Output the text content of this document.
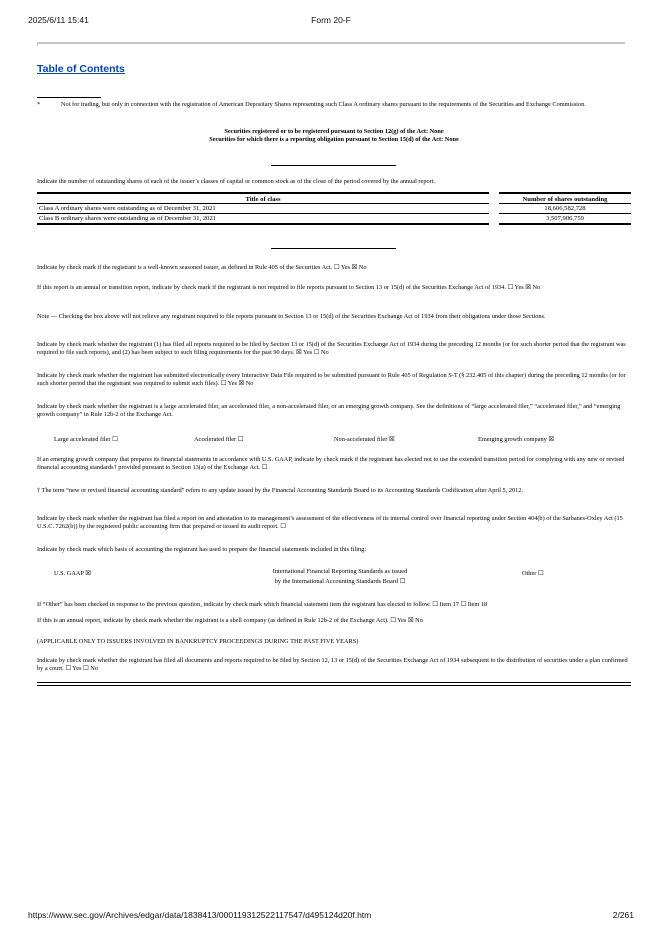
2025/6/11 15:41	Form 20-F
Table of Contents
*	Not for trading, but only in connection with the registration of American Depositary Shares representing such Class A ordinary shares pursuant to the requirements of the Securities and Exchange Commission.
Securities registered or to be registered pursuant to Section 12(g) of the Act: None
Securities for which there is a reporting obligation pursuant to Section 15(d) of the Act: None
Indicate the number of outstanding shares of each of the issuer’s classes of capital or common stock as of the close of the period covered by the annual report.
Title of class		Number of shares outstanding
Class A ordinary shares were outstanding as of December 31, 2021		18,606,582,728
Class B ordinary shares were outstanding as of December 31, 2021		3,507,906,759
Indicate by check mark if the registrant is a well-known seasoned issuer, as defined in Rule 405 of the Securities Act. ☐ Yes ☒ No
If this report is an annual or transition report, indicate by check mark if the registrant is not required to file reports pursuant to Section 13 or 15(d) of the Securities Exchange Act of 1934. ☐ Yes ☒ No
Note — Checking the box above will not relieve any registrant required to file reports pursuant to Section 13 or 15(d) of the Securities Exchange Act of 1934 from their obligations under those Sections.
Indicate by check mark whether the registrant (1) has filed all reports required to be filed by Section 13 or 15(d) of the Securities Exchange Act of 1934 during the preceding 12 months (or for such shorter period that the registrant was required to file such reports), and (2) has been subject to such filing requirements for the past 90 days. ☒ Yes ☐ No
Indicate by check mark whether the registrant has submitted electronically every Interactive Data File required to be submitted pursuant to Rule 405 of Regulation S-T (§ 232.405 of this chapter) during the preceding 12 months (or for such shorter period that the registrant was required to submit such files). ☐ Yes ☒ No
Indicate by check mark whether the registrant is a large accelerated filer, an accelerated filer, a non-accelerated filer, or an emerging growth company. See the definitions of “large accelerated filer,” “accelerated filer,” and “emerging growth company” in Rule 12b-2 of the Exchange Act.
Large accelerated filer ☐	Accelerated filer ☐	Non-accelerated filer ☒	Emerging growth company ☒
If an emerging growth company that prepares its financial statements in accordance with U.S. GAAP, indicate by check mark if the registrant has elected not to use the extended transition period for complying with any new or revised financial accounting standards† provided pursuant to Section 13(a) of the Exchange Act. ☐
† The term “new or revised financial accounting standard” refers to any update issued by the Financial Accounting Standards Board to its Accounting Standards Codification after April 5, 2012.
Indicate by check mark whether the registrant has filed a report on and attestation to its management’s assessment of the effectiveness of its internal control over financial reporting under Section 404(b) of the Sarbanes-Oxley Act (15 U.S.C. 7262(b)) by the registered public accounting firm that prepared or issued its audit report. ☐
Indicate by check mark which basis of accounting the registrant has used to prepare the financial statements included in this filing:
U.S. GAAP ☒	International Financial Reporting Standards as issued
by the International Accounting Standards Board ☐
Other ☐
If “Other” has been checked in response to the previous question, indicate by check mark which financial statement item the registrant has elected to follow. ☐ Item 17 ☐ Item 18
If this is an annual report, indicate by check mark whether the registrant is a shell company (as defined in Rule 12b-2 of the Exchange Act). ☐ Yes ☒ No
(APPLICABLE ONLY TO ISSUERS INVOLVED IN BANKRUPTCY PROCEEDINGS DURING THE PAST FIVE YEARS)
Indicate by check mark whether the registrant has filed all documents and reports required to be filed by Section 12, 13 or 15(d) of the Securities Exchange Act of 1934 subsequent to the distribution of securities under a plan confirmed by a court. ☐ Yes ☐ No
https://www.sec.gov/Archives/edgar/data/1838413/000119312522117547/d495124d20f.htm	2/261
